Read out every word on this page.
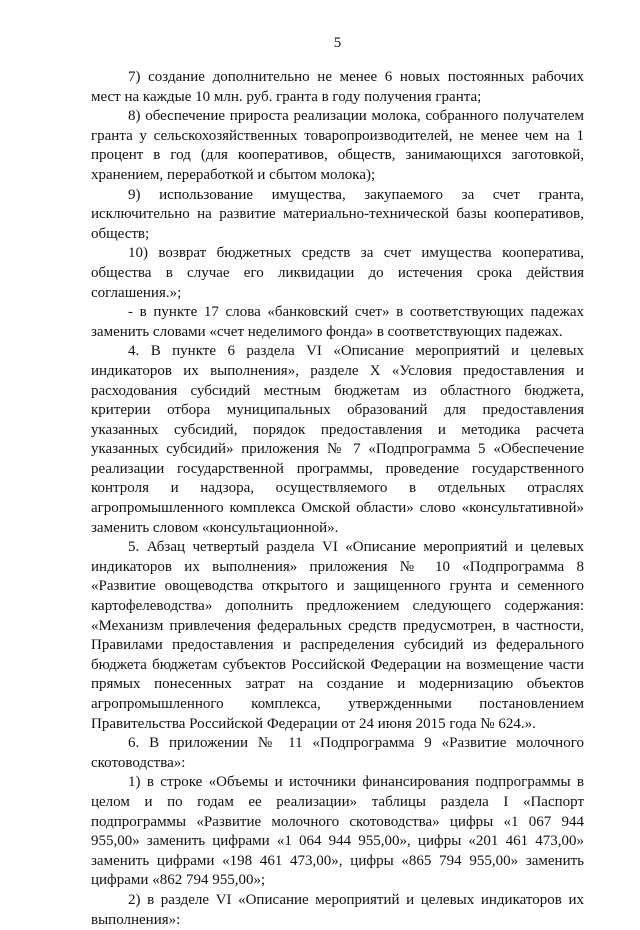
5

7) создание дополнительно не менее 6 новых постоянных рабочих мест на каждые 10 млн. руб. гранта в году получения гранта;

8) обеспечение прироста реализации молока, собранного получателем гранта у сельскохозяйственных товаропроизводителей, не менее чем на 1 процент в год (для кооперативов, обществ, занимающихся заготовкой, хранением, переработкой и сбытом молока);

9) использование имущества, закупаемого за счет гранта, исключительно на развитие материально-технической базы кооперативов, обществ;

10) возврат бюджетных средств за счет имущества кооператива, общества в случае его ликвидации до истечения срока действия соглашения.»;

- в пункте 17 слова «банковский счет» в соответствующих падежах заменить словами «счет неделимого фонда» в соответствующих падежах.

4. В пункте 6 раздела VI «Описание мероприятий и целевых индикаторов их выполнения», разделе X «Условия предоставления и расходования субсидий местным бюджетам из областного бюджета, критерии отбора муниципальных образований для предоставления указанных субсидий, порядок предоставления и методика расчета указанных субсидий» приложения № 7 «Подпрограмма 5 «Обеспечение реализации государственной программы, проведение государственного контроля и надзора, осуществляемого в отдельных отраслях агропромышленного комплекса Омской области» слово «консультативной» заменить словом «консультационной».

5. Абзац четвертый раздела VI «Описание мероприятий и целевых индикаторов их выполнения» приложения № 10 «Подпрограмма 8 «Развитие овощеводства открытого и защищенного грунта и семенного картофелеводства» дополнить предложением следующего содержания: «Механизм привлечения федеральных средств предусмотрен, в частности, Правилами предоставления и распределения субсидий из федерального бюджета бюджетам субъектов Российской Федерации на возмещение части прямых понесенных затрат на создание и модернизацию объектов агропромышленного комплекса, утвержденными постановлением Правительства Российской Федерации от 24 июня 2015 года № 624.».

6. В приложении № 11 «Подпрограмма 9 «Развитие молочного скотоводства»:

1) в строке «Объемы и источники финансирования подпрограммы в целом и по годам ее реализации» таблицы раздела I «Паспорт подпрограммы «Развитие молочного скотоводства» цифры «1 067 944 955,00» заменить цифрами «1 064 944 955,00», цифры «201 461 473,00» заменить цифрами «198 461 473,00», цифры «865 794 955,00» заменить цифрами «862 794 955,00»;

2) в разделе VI «Описание мероприятий и целевых индикаторов их выполнения»:
